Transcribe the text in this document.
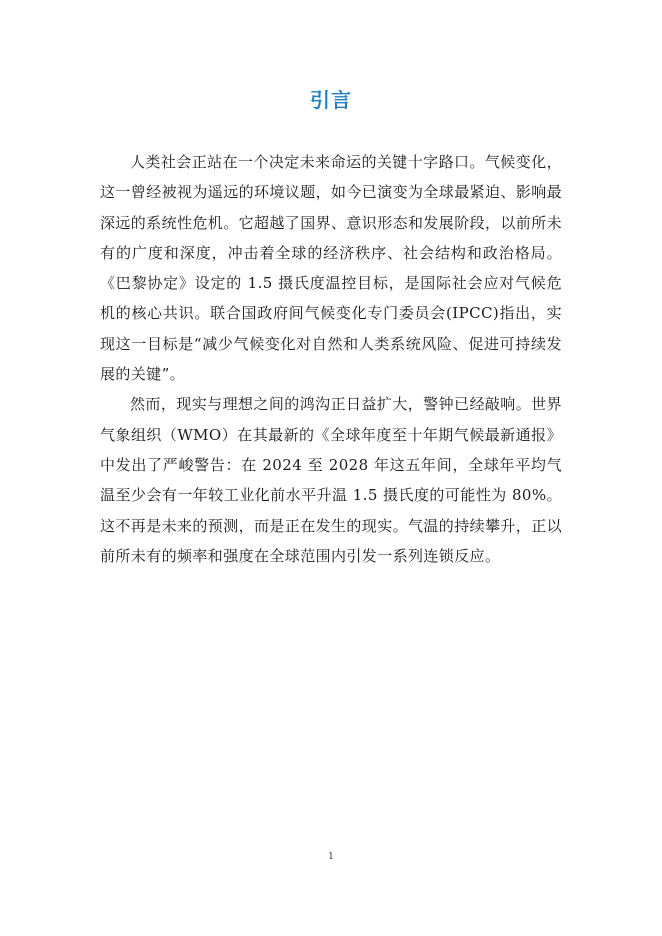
引言

人类社会正站在一个决定未来命运的关键十字路口。气候变化，这一曾经被视为遥远的环境议题，如今已演变为全球最紧迫、影响最深远的系统性危机。它超越了国界、意识形态和发展阶段，以前所未有的广度和深度，冲击着全球的经济秩序、社会结构和政治格局。《巴黎协定》设定的 1.5 摄氏度温控目标，是国际社会应对气候危机的核心共识。联合国政府间气候变化专门委员会(IPCC)指出，实现这一目标是“减少气候变化对自然和人类系统风险、促进可持续发展的关键”。

然而，现实与理想之间的鸿沟正日益扩大，警钟已经敲响。世界气象组织（WMO）在其最新的《全球年度至十年期气候最新通报》中发出了严峻警告：在 2024 至 2028 年这五年间，全球年平均气温至少会有一年较工业化前水平升温 1.5 摄氏度的可能性为 80%。这不再是未来的预测，而是正在发生的现实。气温的持续攀升，正以前所未有的频率和强度在全球范围内引发一系列连锁反应。

1
